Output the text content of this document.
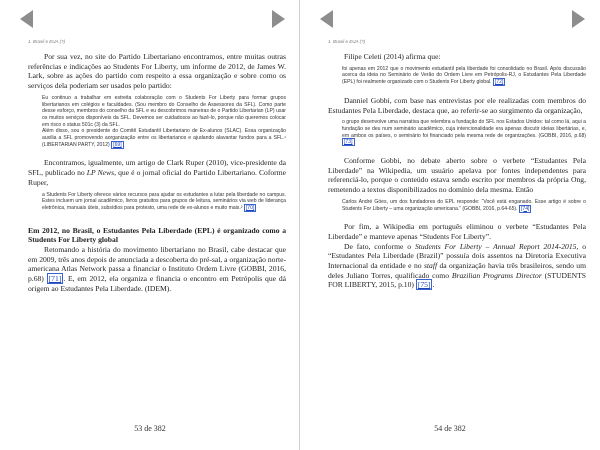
1. Brasil e EUA (?)

Por sua vez, no site do Partido Libertariano encontramos, entre muitas outras referências e indicações ao Students For Liberty, um informe de 2012, de James W. Lark, sobre as ações do partido com respeito a essa organização e sobre como os serviços dela poderiam ser usados pelo partido:

Eu continuo a trabalhar em estreita colaboração com o Students For Liberty para formar grupos libertarianos em colégios e faculdades. (Sou membro do Conselho de Assessores da SFL). Como parte desse esforço, membros do conselho da SFL e eu descobrimos maneiras de o Partido Libertarian (LP) usar os muitos serviços disponíveis da SFL. Devemos ser cuidadosos ao fazê-lo, porque não queremos colocar em risco o status 501c (3) da SFL.
Além disso, sou o presidente do Comitê Estudantil Libertariano de Ex-alunos (SLAC). Essa organização auxilia a SFL promovendo aorganização entre os libertarianos e ajudando alavantar fundos para a SFL.¹ (LIBERTARIAN PARTY, 2012) [69]

Encontramos, igualmente, um artigo de Clark Ruper (2010), vice-presidente da SFL, publicado no LP News, que é o jornal oficial do Partido Libertariano. Coforme Ruper,

a Students For Liberty oferece vários recursos para ajudar os estudantes a lutar pela liberdade no campus. Estes incluem um jornal acadêmico, livros gratuitos para grupos de leitura, seminários via web de liderança eletrônica, manuais úteis, subsídios para protesto, uma rede de ex-alunos e muito mais.² [70]

Em 2012, no Brasil, o Estudantes Pela Liberdade (EPL) é organizado como a Students For Liberty global

Retomando a história do movimento libertariano no Brasil, cabe destacar que em 2009, três anos depois de anunciada a descoberta do pré-sal, a organização norte-americana Atlas Network passa a financiar o Instituto Ordem Livre (GOBBI, 2016, p.68) [71] . E, em 2012, ela organiza e financia o encontro em Petrópolis que dá origem ao Estudantes Pela Liberdade. (IDEM).

53 de 382
1. Brasil e EUA (?)

Filipe Celeti (2014) afirma que:

foi apenas em 2012 que o movimento estudantil pela liberdade foi consolidado no Brasil. Após discussão acerca da ideia no Seminário de Verão do Ordem Livre em Petrópolis-RJ, o Estudantes Pela Liberdade (EPL) foi realmente organizado com o Students For Liberty global. [72]

Danniel Gobbi, com base nas entrevistas por ele realizadas com membros do Estudantes Pela Liberdade, destaca que, ao referir-se ao surgimento da organização,

o grupo desenvolve uma narrativa que relembra a fundação do SFL nos Estados Unidos: tal como lá, aqui a fundação se deu num seminário acadêmico, cuja intencionalidade era apenas discutir ideias libertárias, e, em ambos os países, o seminário foi financiado pela mesma rede de organizações. (GOBBI, 2016, p.68) [73]

Conforme Gobbi, no debate aberto sobre o verbete “Estudantes Pela Liberdade” na Wikipedia, um usuário apelava por fontes independentes para referenciá-lo, porque o conteúdo estava sendo escrito por membros da própria Ong, remetendo a textos disponibilizados no domínio dela mesma. Então

Carlos André Góes, um dos fundadores do EPL responde: “Você está enganado. Esse artigo é sobre o Students For Liberty – uma organização americana.” (GOBBI, 2016, p.64-65). [74]

Por fim, a Wikipedia em português eliminou o verbete “Estudantes Pela Liberdade” e manteve apenas “Students For Liberty”.

De fato, conforme o Students For Liberty – Annual Report 2014-2015, o “Estudantes Pela Liberdade (Brazil)” possuía dois assentos na Diretoria Executiva Internacional da entidade e no staff da organização havia três brasileiros, sendo um deles Juliano Torres, qualificado como Brazilian Programs Director (STUDENTS FOR LIBERTY, 2015, p.10) [75] .

54 de 382
